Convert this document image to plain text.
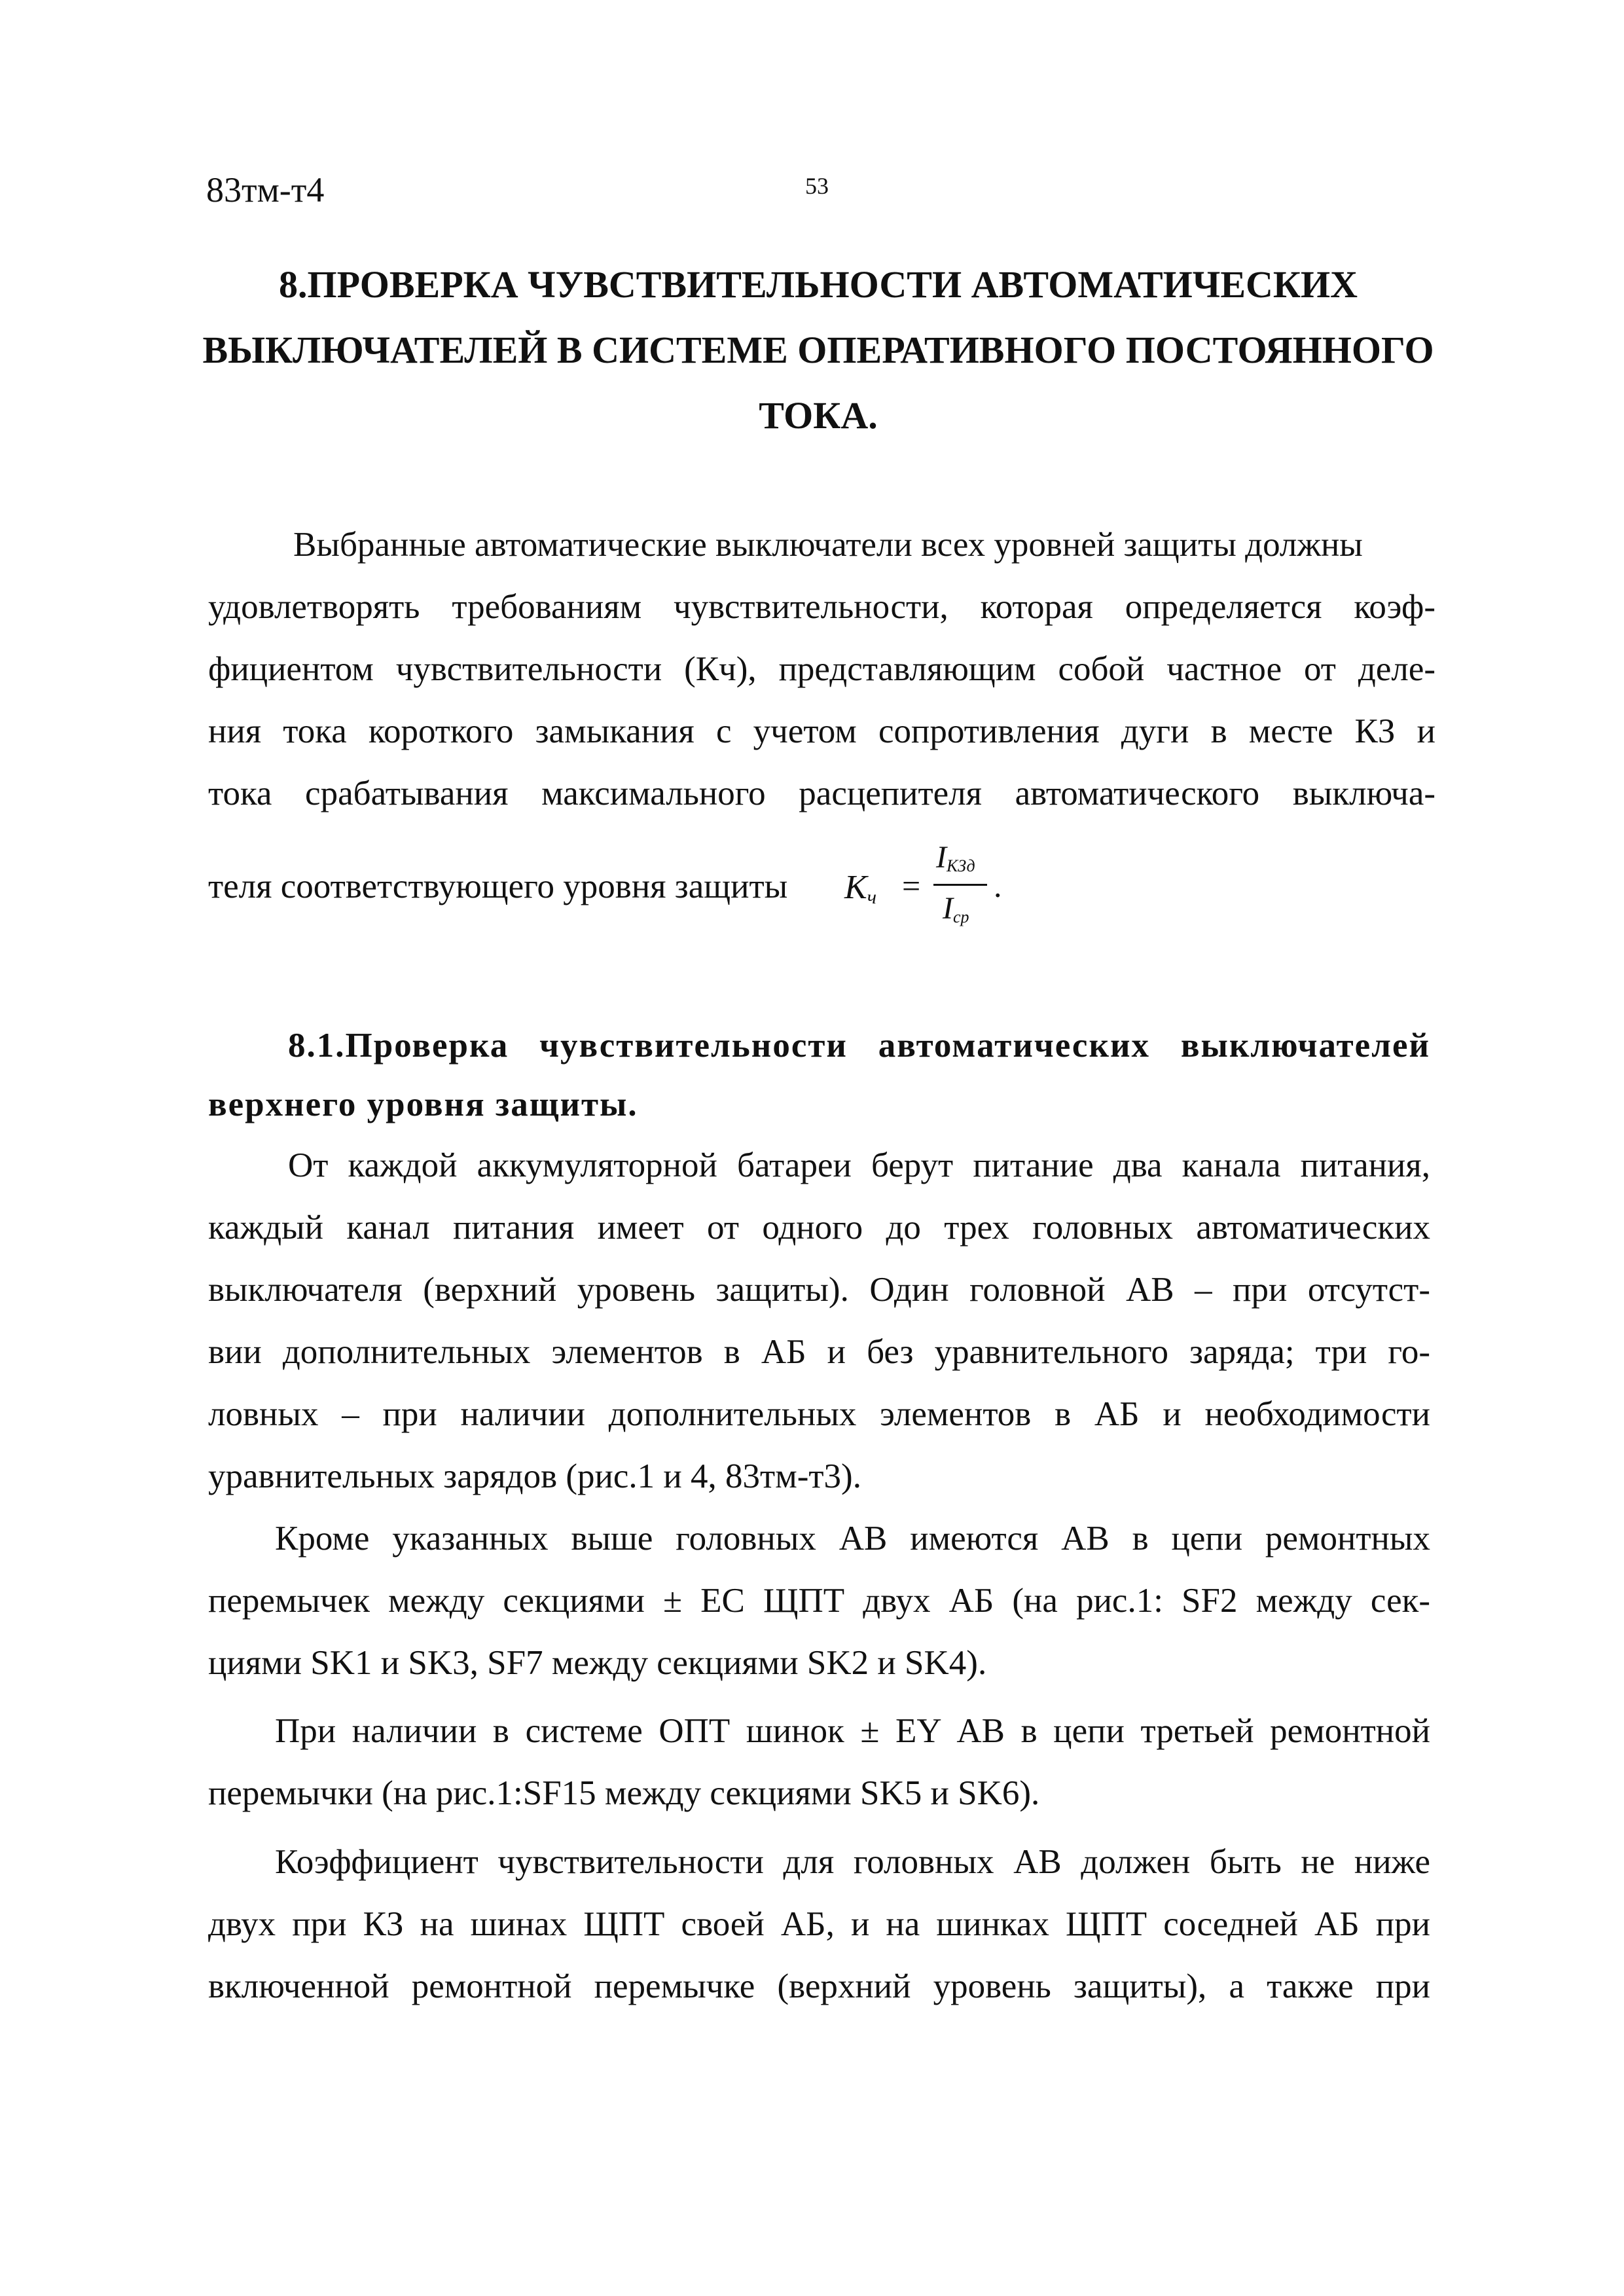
83тм-т4	53
8.ПРОВЕРКА ЧУВСТВИТЕЛЬНОСТИ АВТОМАТИЧЕСКИХ
ВЫКЛЮЧАТЕЛЕЙ В СИСТЕМЕ ОПЕРАТИВНОГО ПОСТОЯННОГО
ТОКА.
Выбранные автоматические выключатели всех уровней защиты должны
удовлетворять требованиям чувствительности, которая определяется коэф-
фициентом чувствительности (Кч), представляющим собой частное от деле-
ния тока короткого замыкания с учетом сопротивления дуги в месте КЗ и
тока срабатывания максимального расцепителя автоматического выключа-
теля соответствующего уровня защиты $K_ч$ =
$I_{КЗд}$
$I_{ср}$
.
8.1.Проверка чувствительности автоматических выключателей
верхнего уровня защиты.
От каждой аккумуляторной батареи берут питание два канала питания,
каждый канал питания имеет от одного до трех головных автоматических
выключателя (верхний уровень защиты). Один головной АВ – при отсутст-
вии дополнительных элементов в АБ и без уравнительного заряда; три го-
ловных – при наличии дополнительных элементов в АБ и необходимости
уравнительных зарядов (рис.1 и 4, 83тм-т3).
Кроме указанных выше головных АВ имеются АВ в цепи ремонтных
перемычек между секциями ± ЕС ЩПТ двух АБ (на рис.1: SF2 между сек-
циями SK1 и SK3, SF7 между секциями SK2 и SK4).
При наличии в системе ОПТ шинок ± ЕY АВ в цепи третьей ремонтной
перемычки (на рис.1:SF15 между секциями SK5 и SK6).
Коэффициент чувствительности для головных АВ должен быть не ниже
двух при КЗ на шинах ЩПТ своей АБ, и на шинках ЩПТ соседней АБ при
включенной ремонтной перемычке (верхний уровень защиты), а также при
